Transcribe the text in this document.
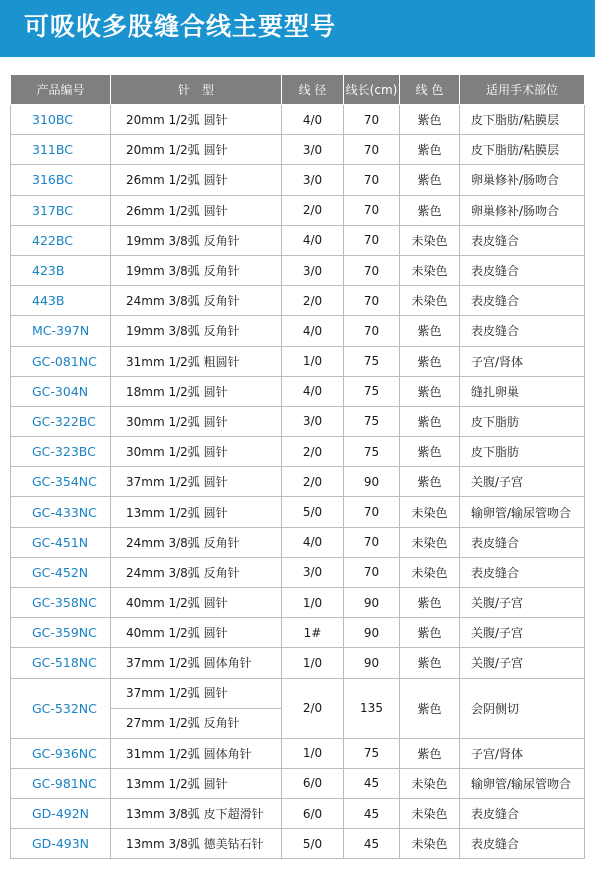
可吸收多股缝合线主要型号
产品编号	针　型	线 径	线长(cm)	线 色	适用手术部位
310BC	20mm 1/2弧 圆针	4/0	70	紫色	皮下脂肪/粘膜层
311BC	20mm 1/2弧 圆针	3/0	70	紫色	皮下脂肪/粘膜层
316BC	26mm 1/2弧 圆针	3/0	70	紫色	卵巢修补/肠吻合
317BC	26mm 1/2弧 圆针	2/0	70	紫色	卵巢修补/肠吻合
422BC	19mm 3/8弧 反角针	4/0	70	未染色	表皮缝合
423B	19mm 3/8弧 反角针	3/0	70	未染色	表皮缝合
443B	24mm 3/8弧 反角针	2/0	70	未染色	表皮缝合
MC-397N	19mm 3/8弧 反角针	4/0	70	紫色	表皮缝合
GC-081NC	31mm 1/2弧 粗圆针	1/0	75	紫色	子宫/肾体
GC-304N	18mm 1/2弧 圆针	4/0	75	紫色	缝扎卵巢
GC-322BC	30mm 1/2弧 圆针	3/0	75	紫色	皮下脂肪
GC-323BC	30mm 1/2弧 圆针	2/0	75	紫色	皮下脂肪
GC-354NC	37mm 1/2弧 圆针	2/0	90	紫色	关腹/子宫
GC-433NC	13mm 1/2弧 圆针	5/0	70	未染色	输卵管/输尿管吻合
GC-451N	24mm 3/8弧 反角针	4/0	70	未染色	表皮缝合
GC-452N	24mm 3/8弧 反角针	3/0	70	未染色	表皮缝合
GC-358NC	40mm 1/2弧 圆针	1/0	90	紫色	关腹/子宫
GC-359NC	40mm 1/2弧 圆针	1#	90	紫色	关腹/子宫
GC-518NC	37mm 1/2弧 圆体角针	1/0	90	紫色	关腹/子宫
GC-532NC	37mm 1/2弧 圆针
27mm 1/2弧 反角针	2/0	135	紫色	会阴侧切
GC-936NC	31mm 1/2弧 圆体角针	1/0	75	紫色	子宫/肾体
GC-981NC	13mm 1/2弧 圆针	6/0	45	未染色	输卵管/输尿管吻合
GD-492N	13mm 3/8弧 皮下超滑针	6/0	45	未染色	表皮缝合
GD-493N	13mm 3/8弧 德美钻石针	5/0	45	未染色	表皮缝合
